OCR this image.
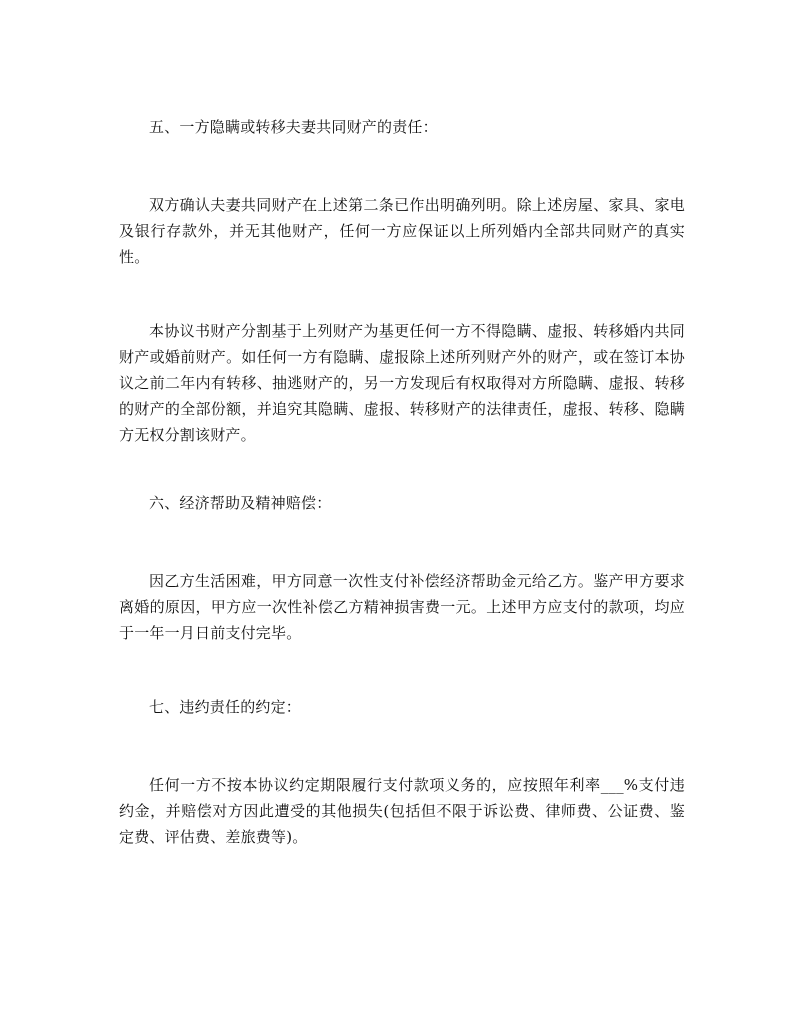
五、一方隐瞒或转移夫妻共同财产的责任：

双方确认夫妻共同财产在上述第二条已作出明确列明。除上述房屋、家具、家电及银行存款外，并无其他财产，任何一方应保证以上所列婚内全部共同财产的真实性。

本协议书财产分割基于上列财产为基更任何一方不得隐瞒、虚报、转移婚内共同财产或婚前财产。如任何一方有隐瞒、虚报除上述所列财产外的财产，或在签订本协议之前二年内有转移、抽逃财产的，另一方发现后有权取得对方所隐瞒、虚报、转移的财产的全部份额，并追究其隐瞒、虚报、转移财产的法律责任，虚报、转移、隐瞒方无权分割该财产。

六、经济帮助及精神赔偿：

因乙方生活困难，甲方同意一次性支付补偿经济帮助金元给乙方。鉴产甲方要求离婚的原因，甲方应一次性补偿乙方精神损害费一元。上述甲方应支付的款项，均应于一年一月日前支付完毕。

七、违约责任的约定：

任何一方不按本协议约定期限履行支付款项义务的，应按照年利率___%支付违约金，并赔偿对方因此遭受的其他损失(包括但不限于诉讼费、律师费、公证费、鉴定费、评估费、差旅费等)。
